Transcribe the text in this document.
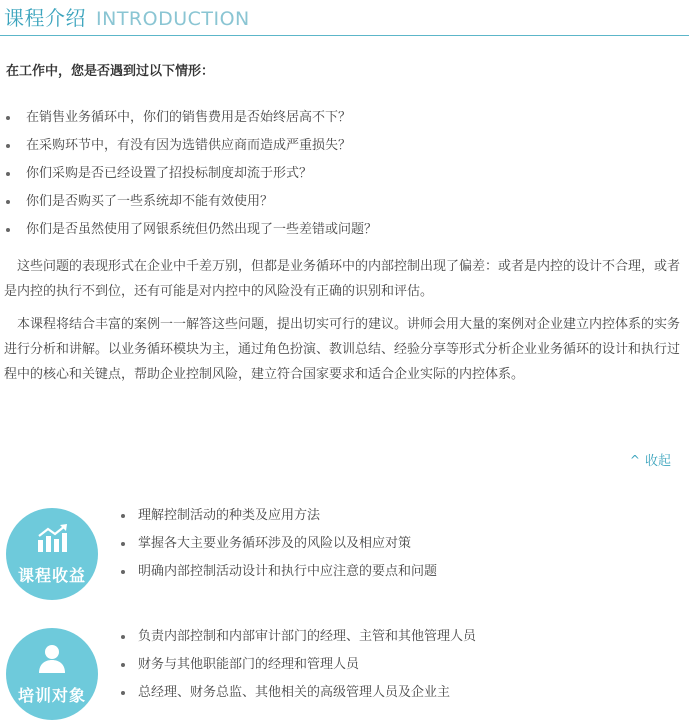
课程介绍 INTRODUCTION
在工作中，您是否遇到过以下情形：
在销售业务循环中，你们的销售费用是否始终居高不下？
在采购环节中，有没有因为选错供应商而造成严重损失？
你们采购是否已经设置了招投标制度却流于形式？
你们是否购买了一些系统却不能有效使用？
你们是否虽然使用了网银系统但仍然出现了一些差错或问题？

　这些问题的表现形式在企业中千差万别，但都是业务循环中的内部控制出现了偏差：或者是内控的设计不合理，或者是内控的执行不到位，还有可能是对内控中的风险没有正确的识别和评估。

　本课程将结合丰富的案例一一解答这些问题，提出切实可行的建议。讲师会用大量的案例对企业建立内控体系的实务进行分析和讲解。以业务循环模块为主，通过角色扮演、教训总结、经验分享等形式分析企业业务循环的设计和执行过程中的核心和关键点，帮助企业控制风险，建立符合国家要求和适合企业实际的内控体系。

^ 收起
课程收益
理解控制活动的种类及应用方法
掌握各大主要业务循环涉及的风险以及相应对策
明确内部控制活动设计和执行中应注意的要点和问题
培训对象
负责内部控制和内部审计部门的经理、主管和其他管理人员
财务与其他职能部门的经理和管理人员
总经理、财务总监、其他相关的高级管理人员及企业主
